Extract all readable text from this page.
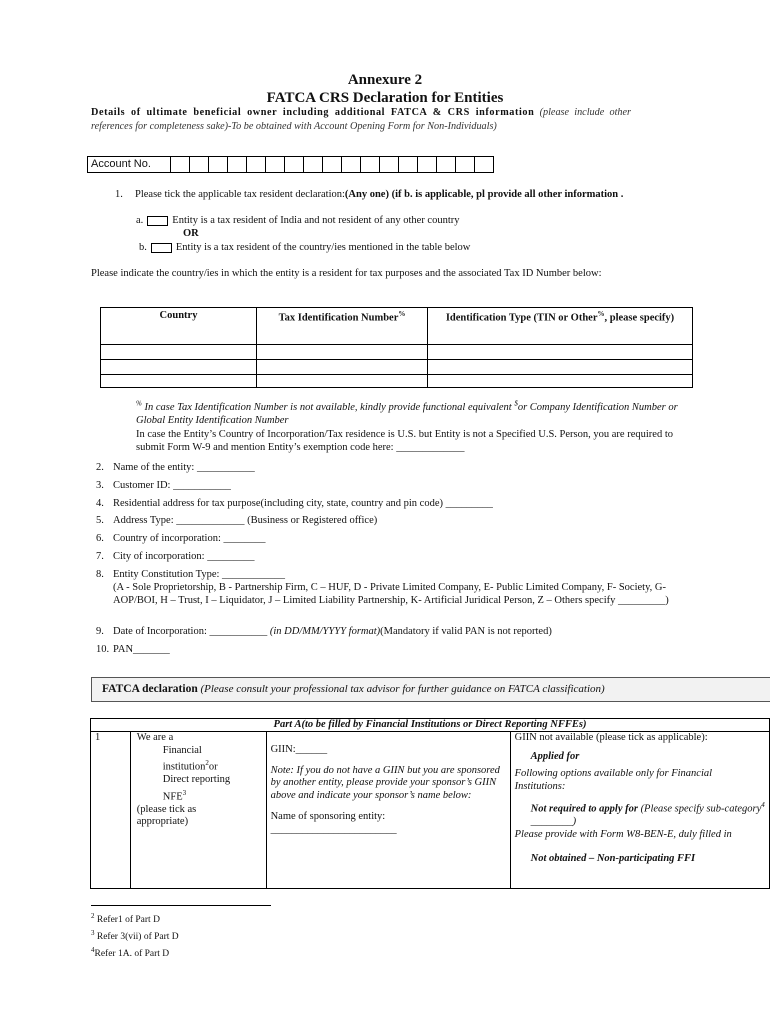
Annexure 2
FATCA CRS Declaration for Entities
Details of ultimate beneficial owner including additional FATCA & CRS information (please include other references for completeness sake)-To be obtained with Account Opening Form for Non-Individuals)
Account No.
1. Please tick the applicable tax resident declaration:(Any one) (if b. is applicable, pl provide all other information .
a.	Entity is a tax resident of India and not resident of any other country
OR
b.	Entity is a tax resident of the country/ies mentioned in the table below
Please indicate the country/ies in which the entity is a resident for tax purposes and the associated Tax ID Number below:
Country	Tax Identification Number%	Identification Type (TIN or Other%, please specify)

% In case Tax Identification Number is not available, kindly provide functional equivalent $or Company Identification Number or Global Entity Identification Number
In case the Entity’s Country of Incorporation/Tax residence is U.S. but Entity is not a Specified U.S. Person, you are required to submit Form W-9 and mention Entity’s exemption code here: _____________
2. Name of the entity: ___________
3. Customer ID: ___________
4. Residential address for tax purpose(including city, state, country and pin code) _________
5. Address Type: _____________ (Business or Registered office)
6. Country of incorporation: ________
7. City of incorporation: _________
8. Entity Constitution Type: ____________
(A - Sole Proprietorship, B - Partnership Firm, C – HUF, D - Private Limited Company, E- Public Limited Company, F- Society, G- AOP/BOI, H – Trust, I – Liquidator, J – Limited Liability Partnership, K- Artificial Juridical Person, Z – Others specify _________)
9. Date of Incorporation: ___________ (in DD/MM/YYYY format)(Mandatory if valid PAN is not reported)
10. PAN_______
FATCA declaration (Please consult your professional tax advisor for further guidance on FATCA classification)
Part A(to be filled by Financial Institutions or Direct Reporting NFFEs)
1	We are a
Financial institution$^2$or
Direct reporting NFE$^3$
(please tick as appropriate)

GIIN:______
Note: If you do not have a GIIN but you are sponsored by another entity, please provide your sponsor’s GIIN above and indicate your sponsor’s name below:
Name of sponsoring entity: ________________________

GIIN not available (please tick as applicable):
Applied for
Following options available only for Financial Institutions:
Not required to apply for (Please specify sub-category$^4$ ________)
Please provide with Form W8-BEN-E, duly filled in
Not obtained – Non-participating FFI
$^2$ Refer1 of Part D
$^3$ Refer 3(vii) of Part D
$^4$Refer 1A. of Part D
